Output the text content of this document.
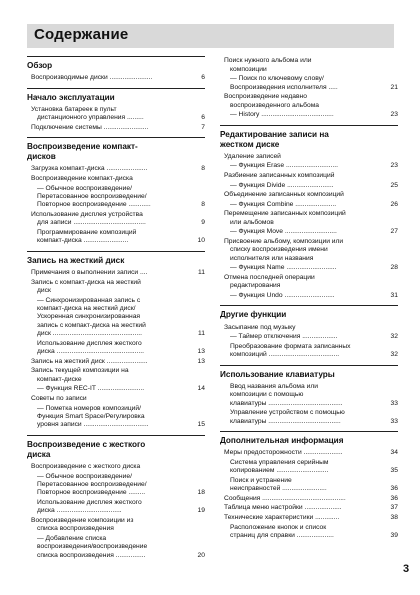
Содержание
Обзор
Воспроизводимые диски .......................	6
Начало эксплуатации
Установка батареек в пульт
дистанционного управления .........	6
Подключение системы ........................	7
Воспроизведение компакт-
дисков
Загрузка компакт-диска ......................	8
Воспроизведение компакт-диска
— Обычное воспроизведение/
Перетасованное воспроизведение/
Повторное воспроизведение ............	8
Использование дисплея устройства
для записи .......................................	9
Программирование композиций
компакт-диска ........................	10
Запись на жесткий диск
Примечания о выполнении записи ....	11
Запись с компакт-диска на жесткий
диск
— Синхронизированная запись с
компакт-диска на жесткий диск/
Ускоренная синхронизированная
запись с компакт-диска на жесткий
диск ................................................	11
Использование дисплея жесткого
диска ...............................................	13
Запись на жесткий диск ......................	13
Запись текущей композиции на
компакт-диске
— Функция REC-IT .........................	14
Советы по записи
— Пометка номеров композиций/
Функция Smart Space/Регулировка
уровня записи ...................................	15
Воспроизведение с жесткого
диска
Воспроизведение с жесткого диска
— Обычное воспроизведение/
Перетасованное воспроизведение/
Повторное воспроизведение .........	18
Использование дисплея жесткого
диска ...................................	19
Воспроизведение композиции из
списка воспроизведения
— Добавление списка
воспроизведения/воспроизведение
списка воспроизведения ................	20
Поиск нужного альбома или
композиции
— Поиск по ключевому слову/
Воспроизведения исполнителя .....	21
Воспроизведение недавно
воспроизведенного альбома
— History .......................................	23
Редактирование записи на
жестком диске
Удаление записей
— Функция Erase ............................	23
Разбиение записанных композиций
— Функция Divide .........................	25
Объединение записанных композиций
— Функция Combine ......................	26
Перемещение записанных композиций
или альбомов
— Функция Move ............................	27
Присвоение альбому, композиции или
списку воспроизведения имени
исполнителя или названия
— Функция Name ...........................	28
Отмена последней операции
редактирования
— Функция Undo ...........................	31
Другие функции
Засыпание под музыку
— Таймер отключения ...................	32
Преобразование формата записанных
композиций ......................................	32
Использование клавиатуры
Ввод названия альбома или
композиции с помощью
клавиатуры ........................................	33
Управление устройством с помощью
клавиатуры .......................................	33
Дополнительная информация
Меры предосторожности .....................	34
Система управления серийным
копированием ............................	35
Поиск и устранение
неисправностей ........................	36
Сообщения .............................................	36
Таблица меню настройки ....................	37
Технические характеристики .............	38
Расположение кнопок и список
страниц для справки ....................	39
3
